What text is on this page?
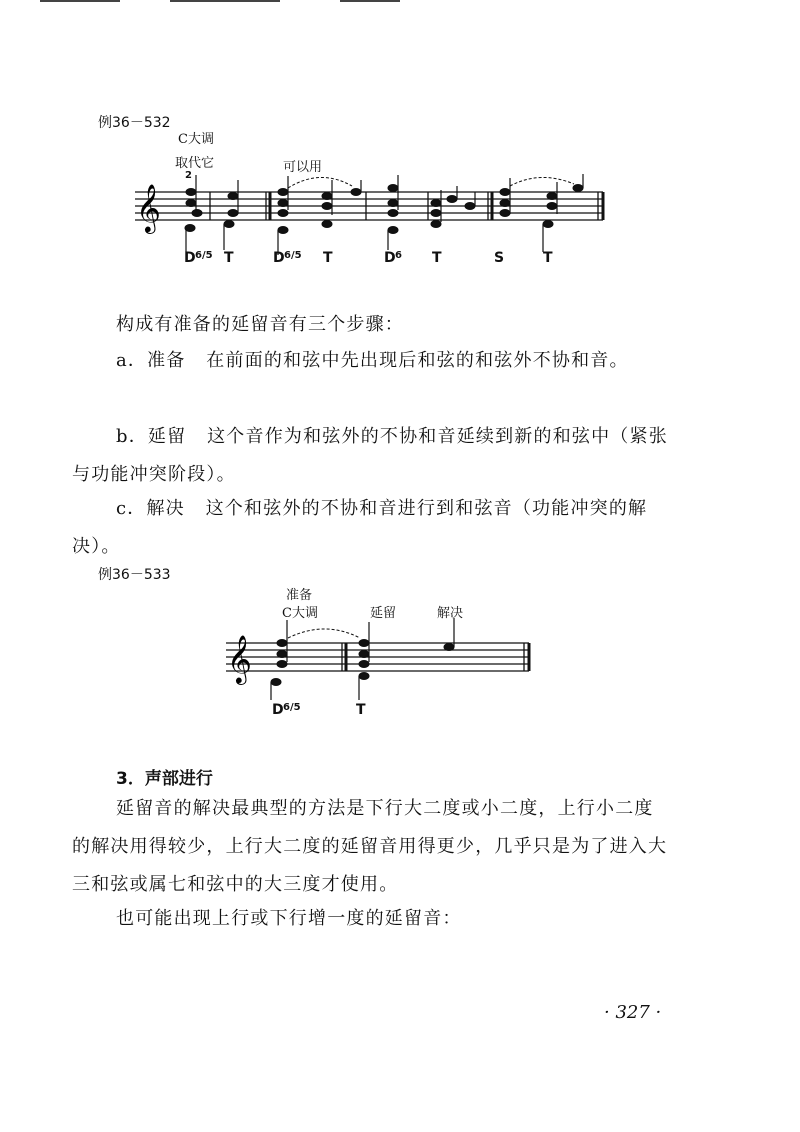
例36－532
C大调
取代它	可以用
2
𝄞
D 6/5 T	D 6/5 T	D 6 T	S	T
构成有准备的延留音有三个步骤：
a．准备 在前面的和弦中先出现后和弦的和弦外不协和音。
b．延留 这个音作为和弦外的不协和音延续到新的和弦中（紧张与功能冲突阶段）。
c．解决 这个和弦外的不协和音进行到和弦音（功能冲突的解决）。
例36－533
准备
C大调	延留	解决
𝄞
D 6/5	T
3．声部进行
延留音的解决最典型的方法是下行大二度或小二度，上行小二度的解决用得较少，上行大二度的延留音用得更少，几乎只是为了进入大三和弦或属七和弦中的大三度才使用。
也可能出现上行或下行增一度的延留音：
· 327 ·
